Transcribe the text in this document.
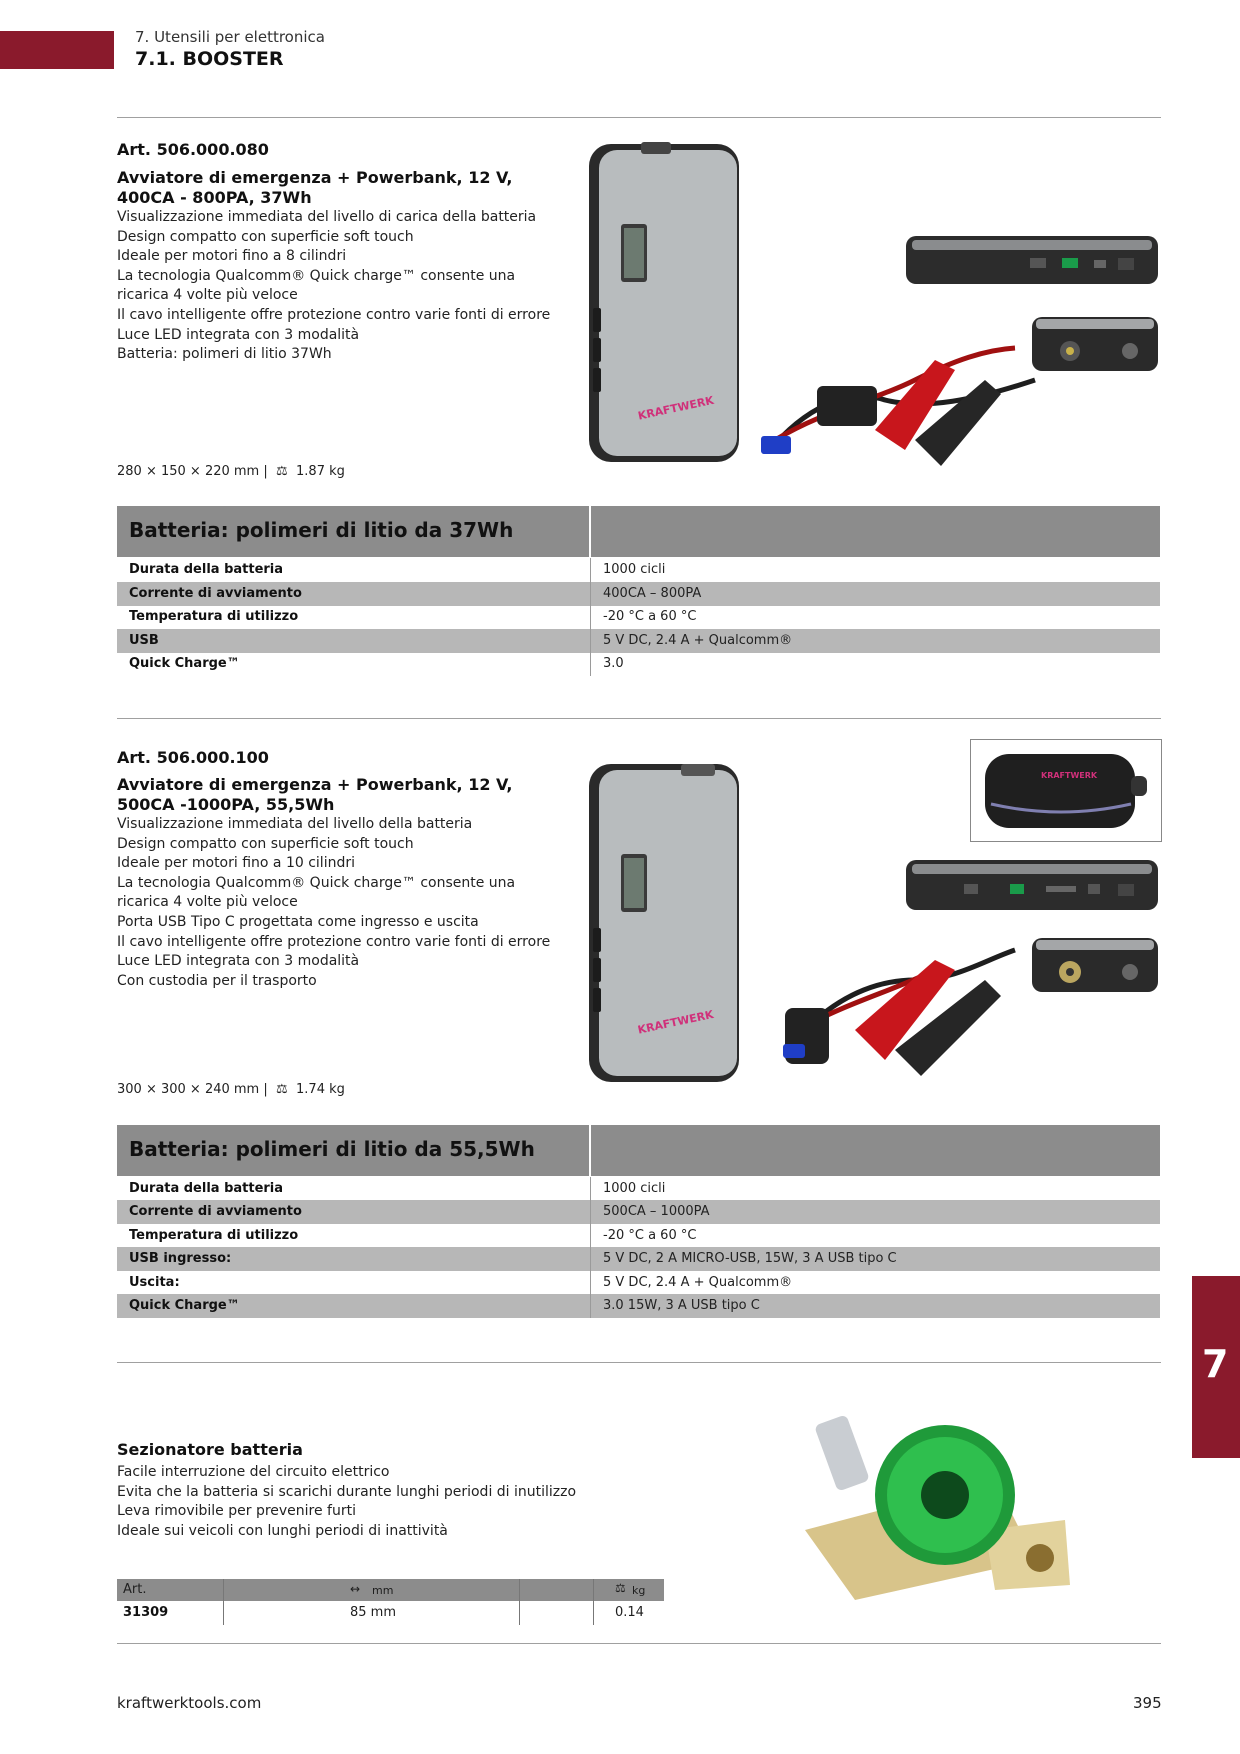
7. Utensili per elettronica
7.1. BOOSTER
Art. 506.000.080
Avviatore di emergenza + Powerbank, 12 V,
400CA - 800PA, 37Wh
Visualizzazione immediata del livello di carica della batteria
Design compatto con superficie soft touch
Ideale per motori fino a 8 cilindri
La tecnologia Qualcomm® Quick charge™ consente una
ricarica 4 volte più veloce
Il cavo intelligente offre protezione contro varie fonti di errore
Luce LED integrata con 3 modalità
Batteria: polimeri di litio 37Wh
280 × 150 × 220 mm | ⚖ 1.87 kg
KRAFTWERK
Batteria: polimeri di litio da 37Wh
Durata della batteria	1000 cicli
Corrente di avviamento	400CA – 800PA
Temperatura di utilizzo	-20 °C a 60 °C
USB	5 V DC, 2.4 A + Qualcomm®
Quick Charge™	3.0
Art. 506.000.100
Avviatore di emergenza + Powerbank, 12 V,
500CA -1000PA, 55,5Wh
Visualizzazione immediata del livello della batteria
Design compatto con superficie soft touch
Ideale per motori fino a 10 cilindri
La tecnologia Qualcomm® Quick charge™ consente una
ricarica 4 volte più veloce
Porta USB Tipo C progettata come ingresso e uscita
Il cavo intelligente offre protezione contro varie fonti di errore
Luce LED integrata con 3 modalità
Con custodia per il trasporto
300 × 300 × 240 mm | ⚖ 1.74 kg
KRAFTWERK
KRAFTWERK
Batteria: polimeri di litio da 55,5Wh
Durata della batteria	1000 cicli
Corrente di avviamento	500CA – 1000PA
Temperatura di utilizzo	-20 °C a 60 °C
USB ingresso:	5 V DC, 2 A MICRO-USB, 15W, 3 A USB tipo C
Uscita:	5 V DC, 2.4 A + Qualcomm®
Quick Charge™	3.0 15W, 3 A USB tipo C
Sezionatore batteria
Facile interruzione del circuito elettrico
Evita che la batteria si scarichi durante lunghi periodi di inutilizzo
Leva rimovibile per prevenire furti
Ideale sui veicoli con lunghi periodi di inattività
Art.	↔ mm	⚖ kg
31309	85 mm	0.14
7
kraftwerktools.com	395
